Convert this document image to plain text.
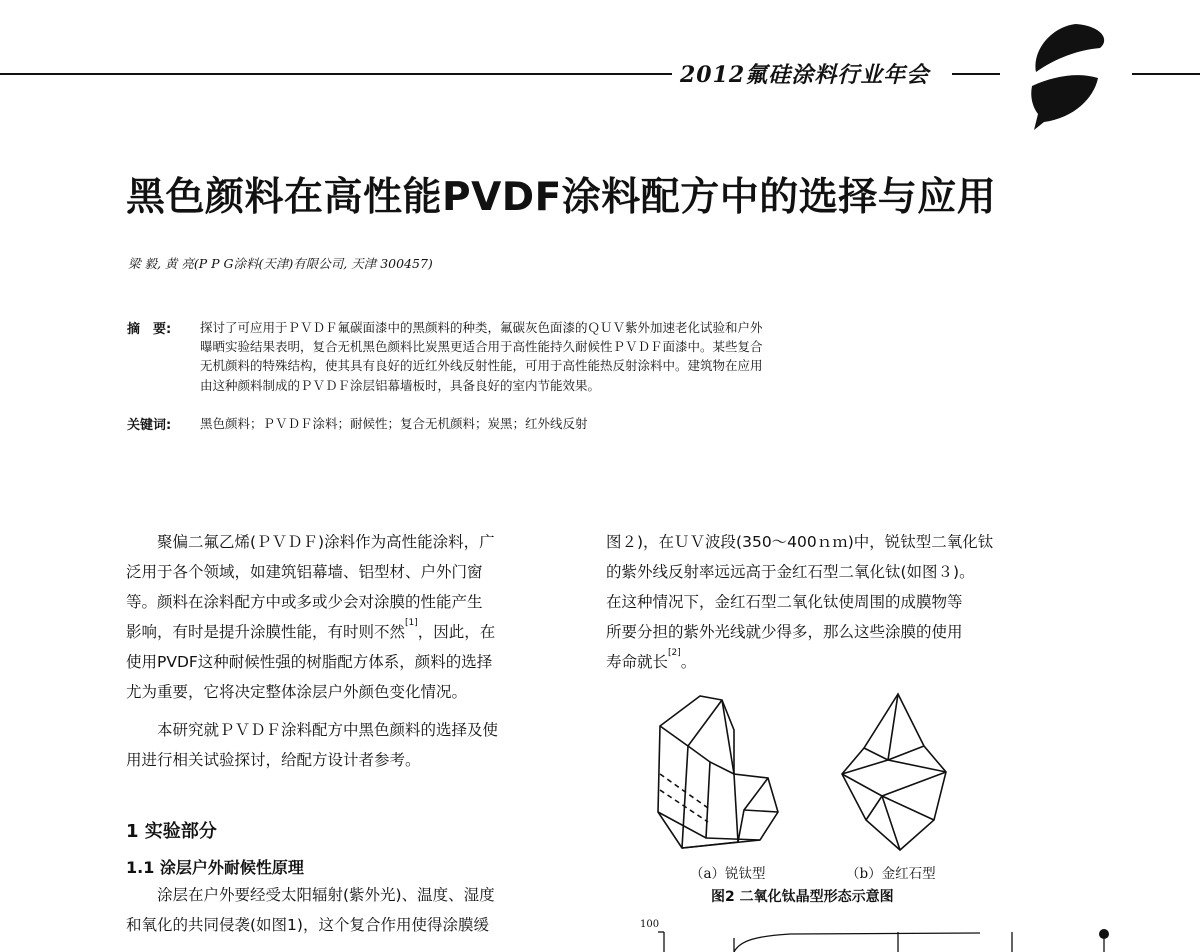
2012氟硅涂料行业年会
黑色颜料在高性能PVDF涂料配方中的选择与应用
梁 毅, 黄 亮(P P G涂料(天津)有限公司, 天津 300457)
摘　要: 探讨了可应用于ＰＶＤＦ氟碳面漆中的黑颜料的种类，氟碳灰色面漆的ＱＵＶ紫外加速老化试验和户外
曝晒实验结果表明，复合无机黑色颜料比炭黑更适合用于高性能持久耐候性ＰＶＤＦ面漆中。某些复合
无机颜料的特殊结构，使其具有良好的近红外线反射性能，可用于高性能热反射涂料中。建筑物在应用
由这种颜料制成的ＰＶＤＦ涂层铝幕墙板时，具备良好的室内节能效果。
关键词: 黑色颜料；ＰＶＤＦ涂料；耐候性；复合无机颜料；炭黑；红外线反射
聚偏二氟乙烯(ＰＶＤＦ)涂料作为高性能涂料，广
泛用于各个领域，如建筑铝幕墙、铝型材、户外门窗
等。颜料在涂料配方中或多或少会对涂膜的性能产生
影响，有时是提升涂膜性能，有时则不然[1]，因此，在
使用PVDF这种耐候性强的树脂配方体系，颜料的选择
尤为重要，它将决定整体涂层户外颜色变化情况。
本研究就ＰＶＤＦ涂料配方中黑色颜料的选择及使
用进行相关试验探讨，给配方设计者参考。
1 实验部分
1.1 涂层户外耐候性原理
涂层在户外要经受太阳辐射(紫外光)、温度、湿度
和氧化的共同侵袭(如图1)，这个复合作用使得涂膜缓
图２)，在ＵＶ波段(350～400ｎｍ)中，锐钛型二氧化钛
的紫外线反射率远远高于金红石型二氧化钛(如图３)。
在这种情况下，金红石型二氧化钛使周围的成膜物等
所要分担的紫外光线就少得多，那么这些涂膜的使用
寿命就长[2]。
（a）锐钛型	（b）金红石型
图2 二氧化钛晶型形态示意图
100
